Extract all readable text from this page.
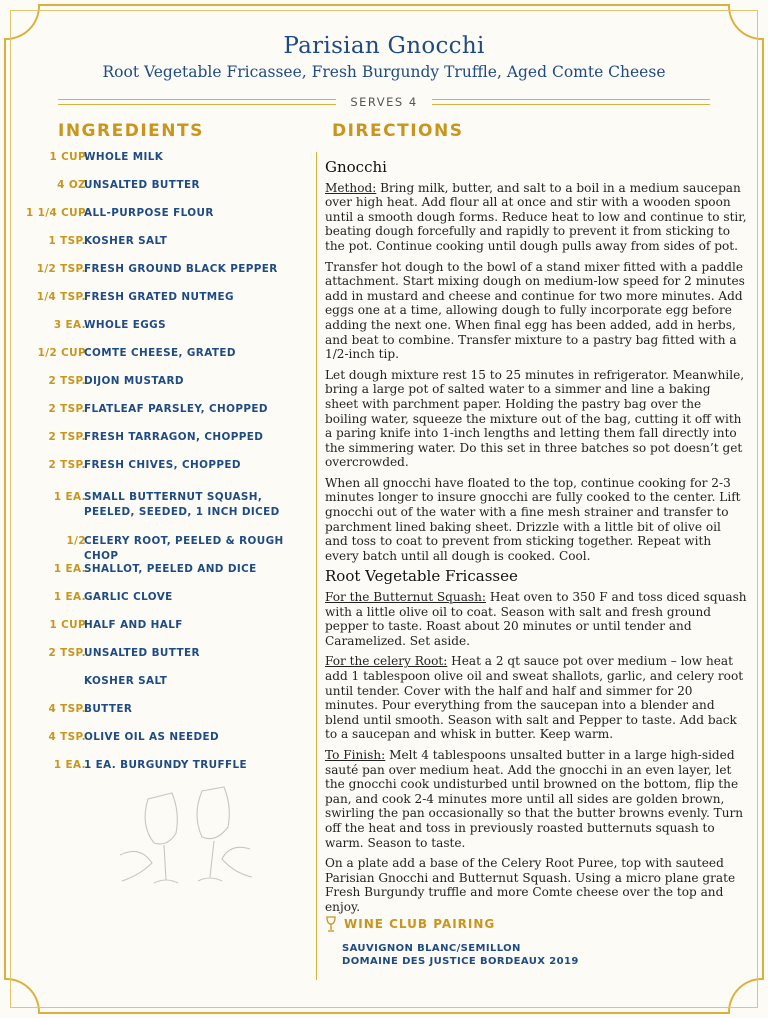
Parisian Gnocchi
Root Vegetable Fricassee, Fresh Burgundy Truffle, Aged Comte Cheese
SERVES 4
INGREDIENTS	DIRECTIONS
1 CUP
WHOLE MILK
4 OZ
UNSALTED BUTTER
1 1/4 CUP
ALL-PURPOSE FLOUR
1 TSP.
KOSHER SALT
1/2 TSP.
FRESH GROUND BLACK PEPPER
1/4 TSP.
FRESH GRATED NUTMEG
3 EA.
WHOLE EGGS
1/2 CUP
COMTE CHEESE, GRATED
2 TSP.
DIJON MUSTARD
2 TSP.
FLATLEAF PARSLEY, CHOPPED
2 TSP.
FRESH TARRAGON, CHOPPED
2 TSP.
FRESH CHIVES, CHOPPED
1 EA.
SMALL BUTTERNUT SQUASH, PEELED, SEEDED, 1 INCH DICED
1/2
CELERY ROOT, PEELED & ROUGH CHOP
1 EA.
SHALLOT, PEELED AND DICE
1 EA.
GARLIC CLOVE
1 CUP
HALF AND HALF
2 TSP.
UNSALTED BUTTER
KOSHER SALT
4 TSP.
BUTTER
4 TSP.
OLIVE OIL AS NEEDED
1 EA.
1 EA. BURGUNDY TRUFFLE
Gnocchi

Method: Bring milk, butter, and salt to a boil in a medium saucepan over high heat. Add flour all at once and stir with a wooden spoon until a smooth dough forms. Reduce heat to low and continue to stir, beating dough forcefully and rapidly to prevent it from sticking to the pot. Continue cooking until dough pulls away from sides of pot.

Transfer hot dough to the bowl of a stand mixer fitted with a paddle attachment. Start mixing dough on medium-low speed for 2 minutes add in mustard and cheese and continue for two more minutes. Add eggs one at a time, allowing dough to fully incorporate egg before adding the next one. When final egg has been added, add in herbs, and beat to combine. Transfer mixture to a pastry bag fitted with a 1/2-inch tip.

Let dough mixture rest 15 to 25 minutes in refrigerator. Meanwhile, bring a large pot of salted water to a simmer and line a baking sheet with parchment paper. Holding the pastry bag over the boiling water, squeeze the mixture out of the bag, cutting it off with a paring knife into 1-inch lengths and letting them fall directly into the simmering water. Do this set in three batches so pot doesn’t get overcrowded.

When all gnocchi have floated to the top, continue cooking for 2-3 minutes longer to insure gnocchi are fully cooked to the center. Lift gnocchi out of the water with a fine mesh strainer and transfer to parchment lined baking sheet. Drizzle with a little bit of olive oil and toss to coat to prevent from sticking together. Repeat with every batch until all dough is cooked. Cool.

Root Vegetable Fricassee

For the Butternut Squash: Heat oven to 350 F and toss diced squash with a little olive oil to coat. Season with salt and fresh ground pepper to taste. Roast about 20 minutes or until tender and Caramelized. Set aside.

For the celery Root: Heat a 2 qt sauce pot over medium – low heat add 1 tablespoon olive oil and sweat shallots, garlic, and celery root until tender. Cover with the half and half and simmer for 20 minutes. Pour everything from the saucepan into a blender and blend until smooth. Season with salt and Pepper to taste. Add back to a saucepan and whisk in butter. Keep warm.

To Finish: Melt 4 tablespoons unsalted butter in a large high-sided sauté pan over medium heat. Add the gnocchi in an even layer, let the gnocchi cook undisturbed until browned on the bottom, flip the pan, and cook 2-4 minutes more until all sides are golden brown, swirling the pan occasionally so that the butter browns evenly. Turn off the heat and toss in previously roasted butternuts squash to warm. Season to taste.

On a plate add a base of the Celery Root Puree, top with sauteed Parisian Gnocchi and Butternut Squash. Using a micro plane grate Fresh Burgundy truffle and more Comte cheese over the top and enjoy.

WINE CLUB PAIRING
SAUVIGNON BLANC/SEMILLON
DOMAINE DES JUSTICE BORDEAUX 2019
